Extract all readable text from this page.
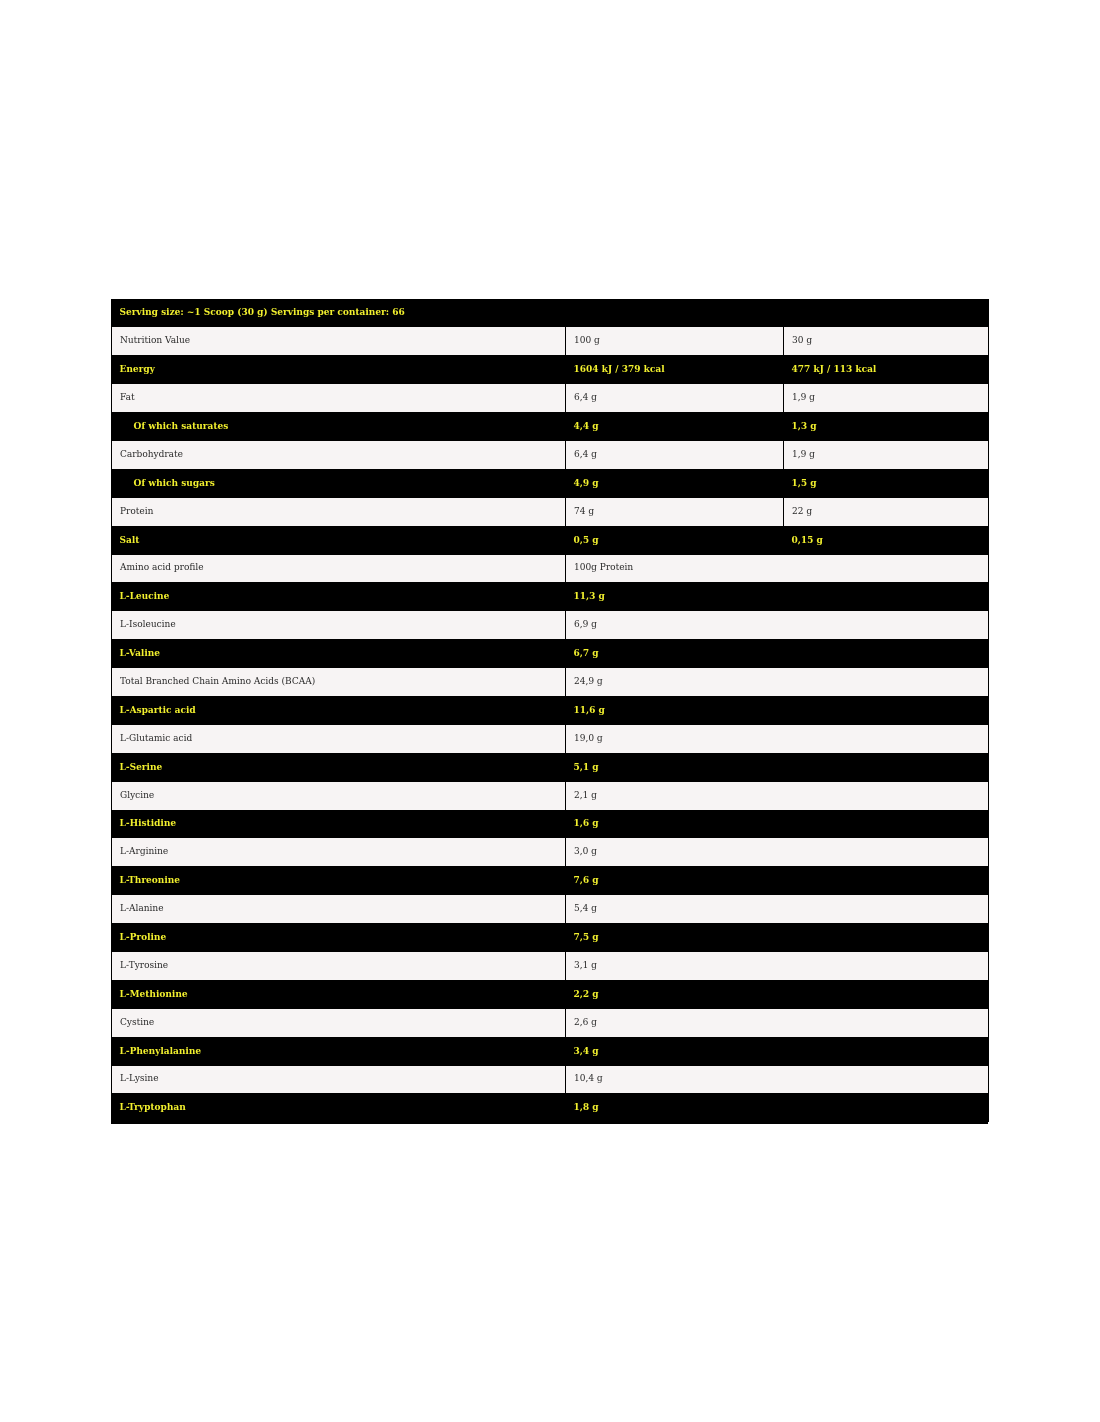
Serving size: ~1 Scoop (30 g) Servings per container: 66		
Nutrition Value	100 g	30 g
Energy	1604 kJ / 379 kcal	477 kJ / 113 kcal
Fat	6,4 g	1,9 g
Of which saturates	4,4 g	1,3 g
Carbohydrate	6,4 g	1,9 g
Of which sugars	4,9 g	1,5 g
Protein	74 g	22 g
Salt	0,5 g	0,15 g
Amino acid profile	100g Protein	
L-Leucine	11,3 g	
L-Isoleucine	6,9 g	
L-Valine	6,7 g	
Total Branched Chain Amino Acids (BCAA)	24,9 g	
L-Aspartic acid	11,6 g	
L-Glutamic acid	19,0 g	
L-Serine	5,1 g	
Glycine	2,1 g	
L-Histidine	1,6 g	
L-Arginine	3,0 g	
L-Threonine	7,6 g	
L-Alanine	5,4 g	
L-Proline	7,5 g	
L-Tyrosine	3,1 g	
L-Methionine	2,2 g	
Cystine	2,6 g	
L-Phenylalanine	3,4 g	
L-Lysine	10,4 g	
L-Tryptophan	1,8 g	
